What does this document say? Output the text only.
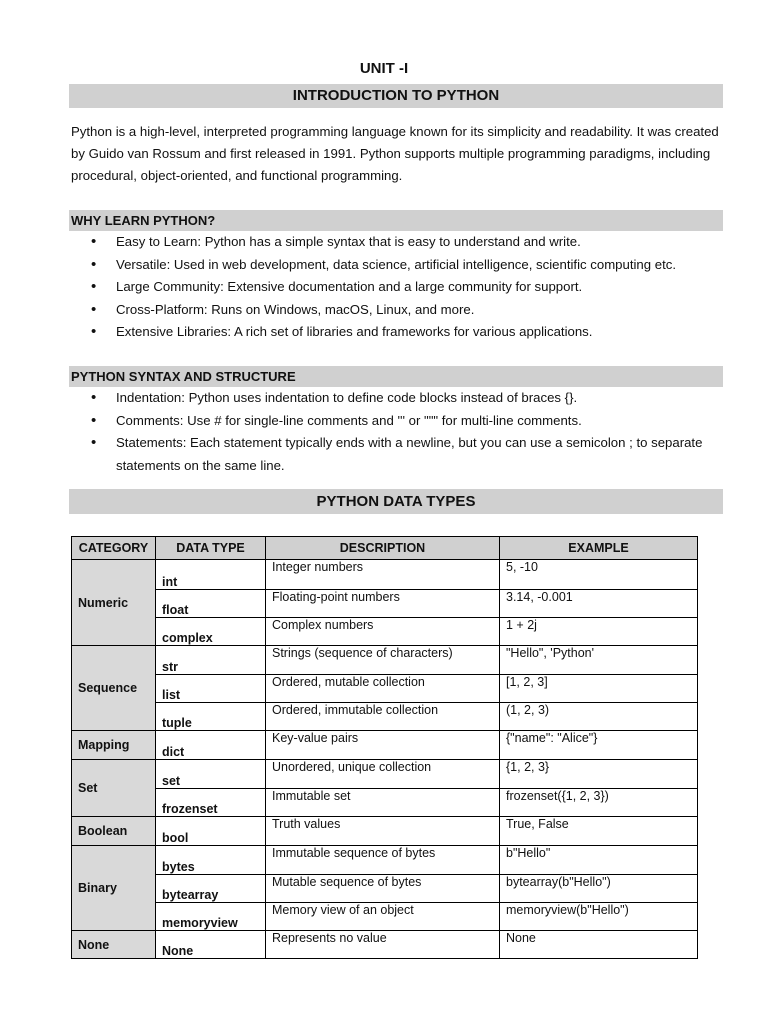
UNIT -I
INTRODUCTION TO PYTHON

Python is a high-level, interpreted programming language known for its simplicity and readability. It was created by Guido van Rossum and first released in 1991. Python supports multiple programming paradigms, including procedural, object-oriented, and functional programming.

WHY LEARN PYTHON?
• Easy to Learn: Python has a simple syntax that is easy to understand and write.
• Versatile: Used in web development, data science, artificial intelligence, scientific computing etc.
• Large Community: Extensive documentation and a large community for support.
• Cross-Platform: Runs on Windows, macOS, Linux, and more.
• Extensive Libraries: A rich set of libraries and frameworks for various applications.
PYTHON SYNTAX AND STRUCTURE
• Indentation: Python uses indentation to define code blocks instead of braces {}.
• Comments: Use # for single-line comments and ''' or """ for multi-line comments.
• Statements: Each statement typically ends with a newline, but you can use a semicolon ; to separate statements on the same line.
PYTHON DATA TYPES
CATEGORY	DATA TYPE	DESCRIPTION	EXAMPLE
Numeric	int	Integer numbers	5, -10
	float	Floating-point numbers	3.14, -0.001
	complex	Complex numbers	1 + 2j
Sequence	str	Strings (sequence of characters)	"Hello", 'Python'
	list	Ordered, mutable collection	[1, 2, 3]
	tuple	Ordered, immutable collection	(1, 2, 3)
Mapping	dict	Key-value pairs	{"name": "Alice"}
Set	set	Unordered, unique collection	{1, 2, 3}
	frozenset	Immutable set	frozenset({1, 2, 3})
Boolean	bool	Truth values	True, False
Binary	bytes	Immutable sequence of bytes	b"Hello"
	bytearray	Mutable sequence of bytes	bytearray(b"Hello")
	memoryview	Memory view of an object	memoryview(b"Hello")
None	None	Represents no value	None
